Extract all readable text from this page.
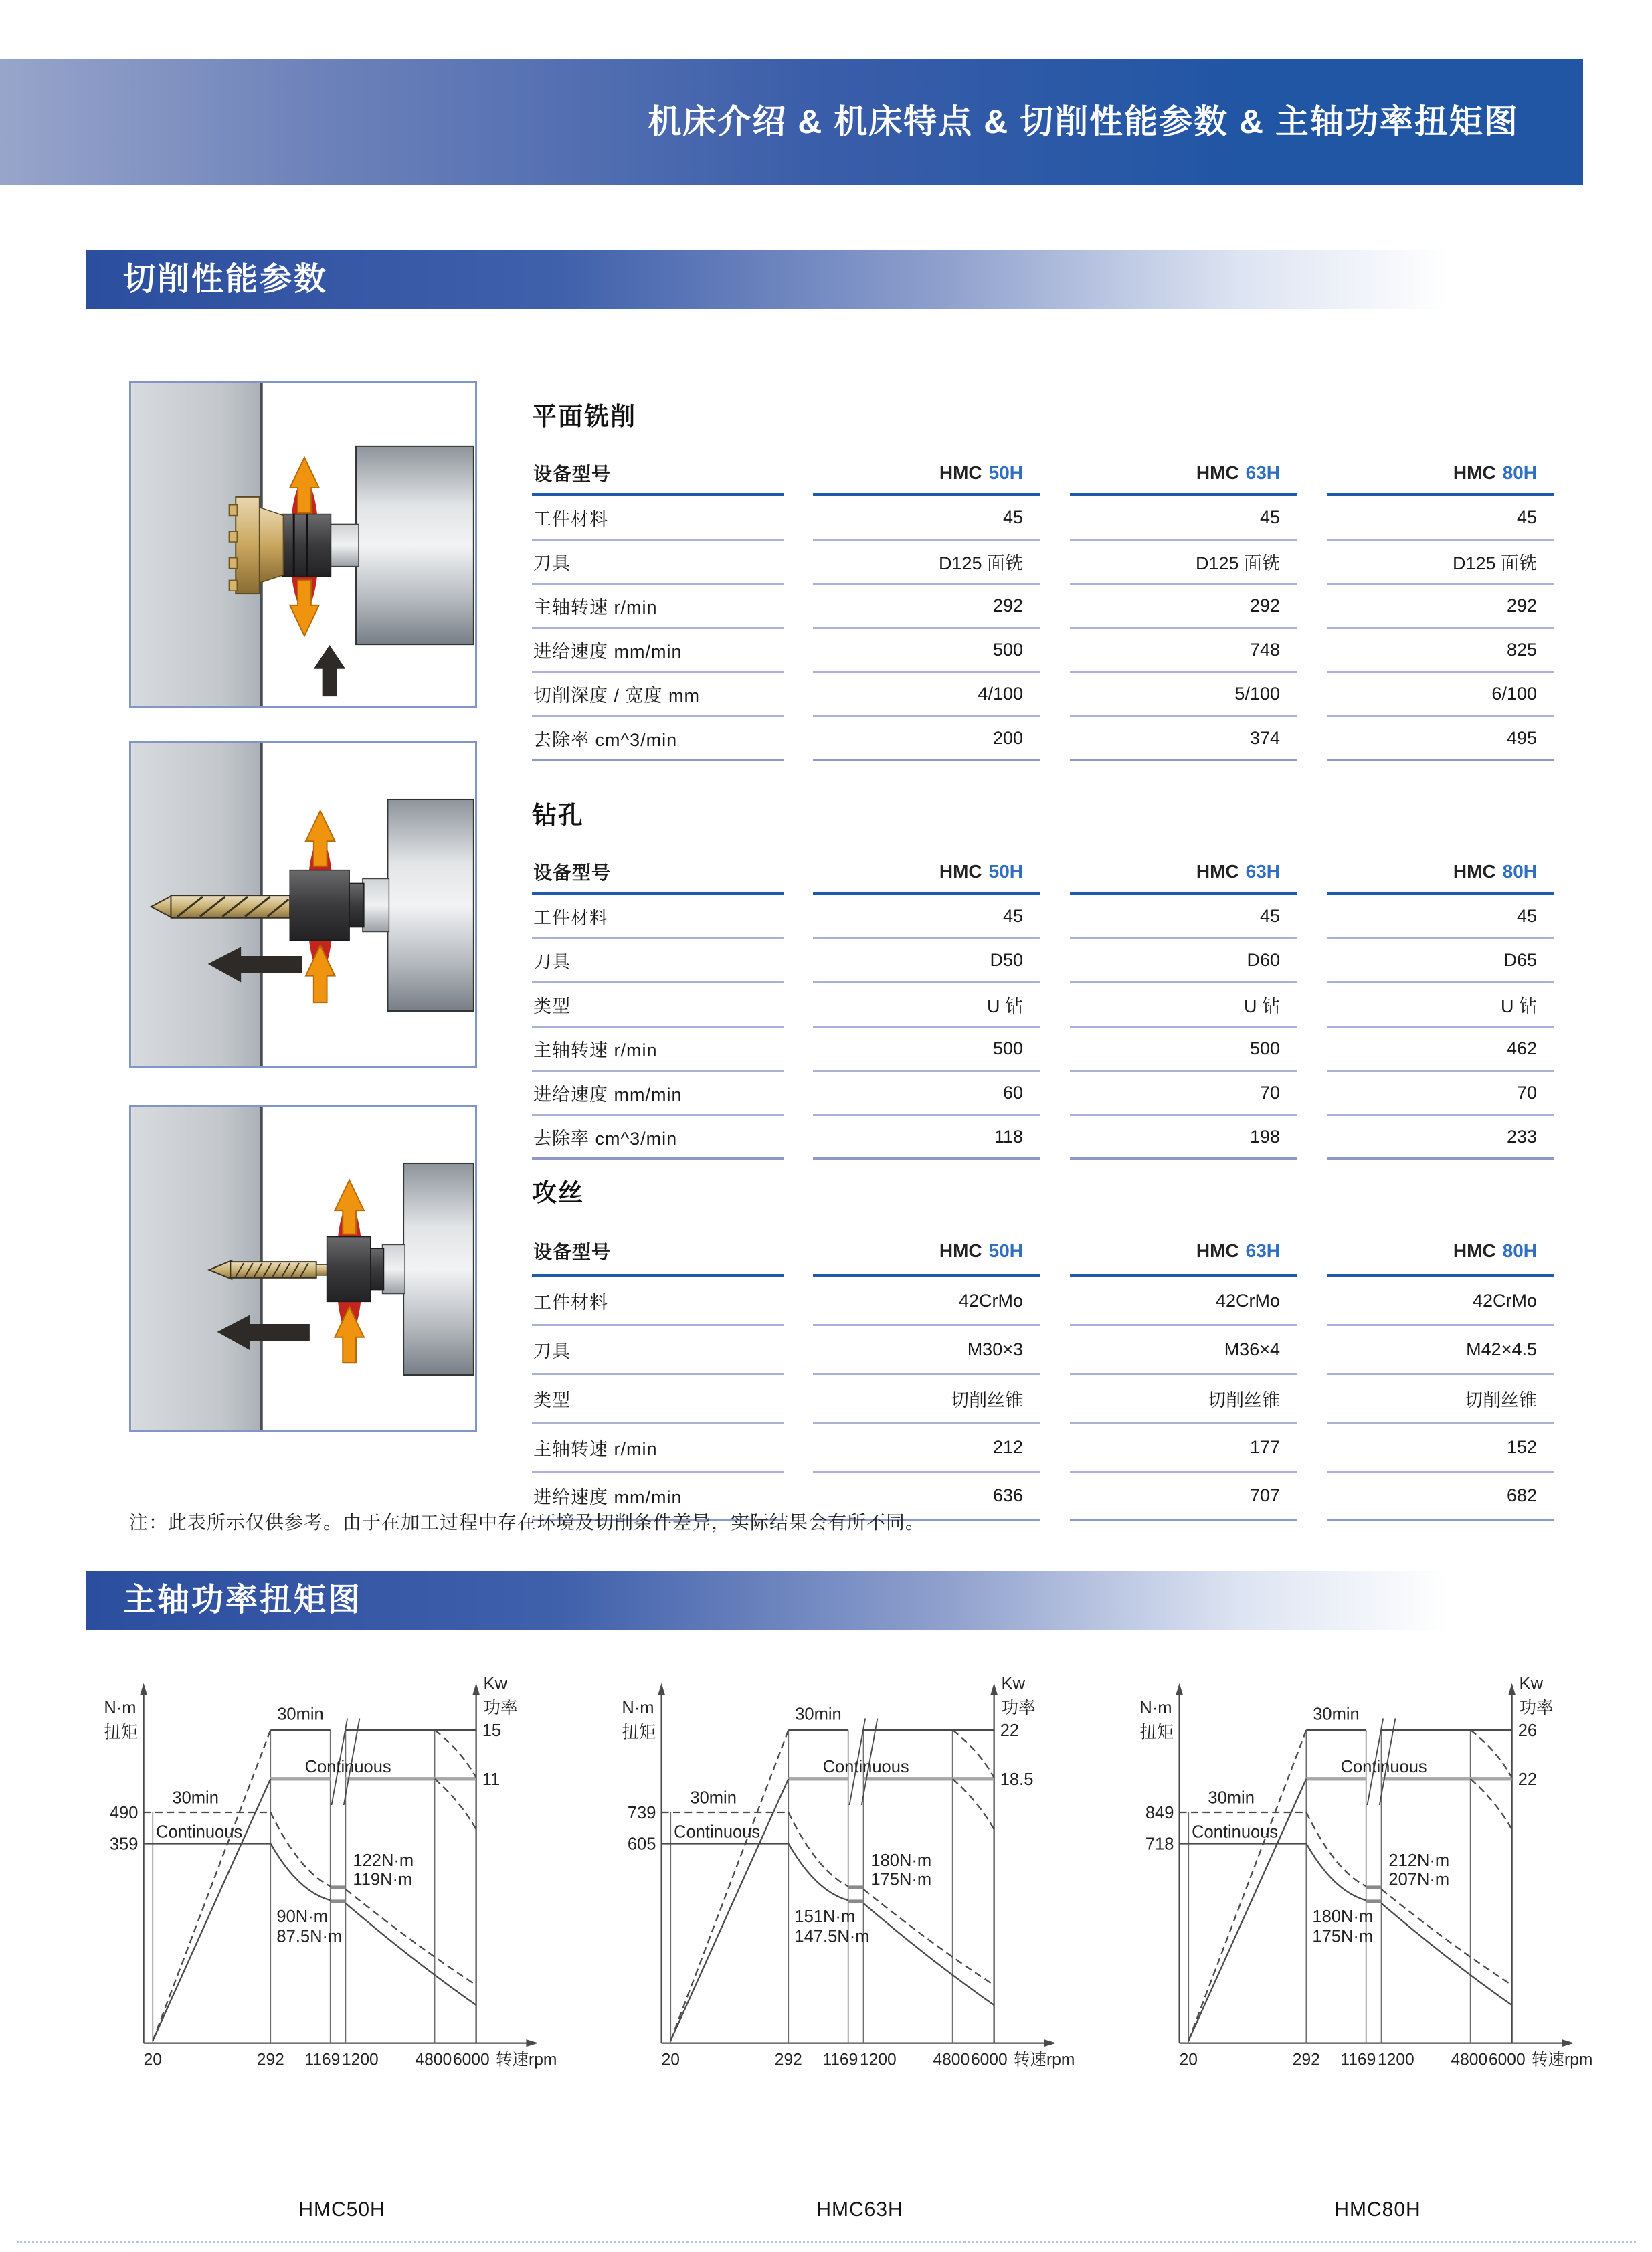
机床介绍 & 机床特点 & 切削性能参数 & 主轴功率扭矩图
切削性能参数
平面铣削
设备型号	HMC 50H	HMC 63H	HMC 80H
工件材料	45	45	45
刀具	D125 面铣	D125 面铣	D125 面铣
主轴转速 r/min	292	292	292
进给速度 mm/min	500	748	825
切削深度 / 宽度 mm	4/100	5/100	6/100
去除率 cm^3/min	200	374	495
钻孔
设备型号	HMC 50H	HMC 63H	HMC 80H
工件材料	45	45	45
刀具	D50	D60	D65
类型	U 钻	U 钻	U 钻
主轴转速 r/min	500	500	462
进给速度 mm/min	60	70	70
去除率 cm^3/min	118	198	233
攻丝
设备型号	HMC 50H	HMC 63H	HMC 80H
工件材料	42CrMo	42CrMo	42CrMo
刀具	M30×3	M36×4	M42×4.5
类型	切削丝锥	切削丝锥	切削丝锥
主轴转速 r/min	212	177	152
进给速度 mm/min	636	707	682
注：此表所示仅供参考。由于在加工过程中存在环境及切削条件差异，实际结果会有所不同。
主轴功率扭矩图
N·m
扭矩
Kw
功率
15
11
490
359
30min
Continuous
30min
Continuous
122N·m
119N·m
90N·m
87.5N·m
20	292 1169 1200 4800 6000 转速rpm
HMC50H
N·m
扭矩
Kw
功率
22
18.5
739
605
30min
Continuous
30min
Continuous
180N·m
175N·m
151N·m
147.5N·m
20	292 1169 1200 4800 6000 转速rpm
HMC63H
N·m
扭矩
Kw
功率
26
22
849
718
30min
Continuous
30min
Continuous
212N·m
207N·m
180N·m
175N·m
20	292 1169 1200 4800 6000 转速rpm
HMC80H
